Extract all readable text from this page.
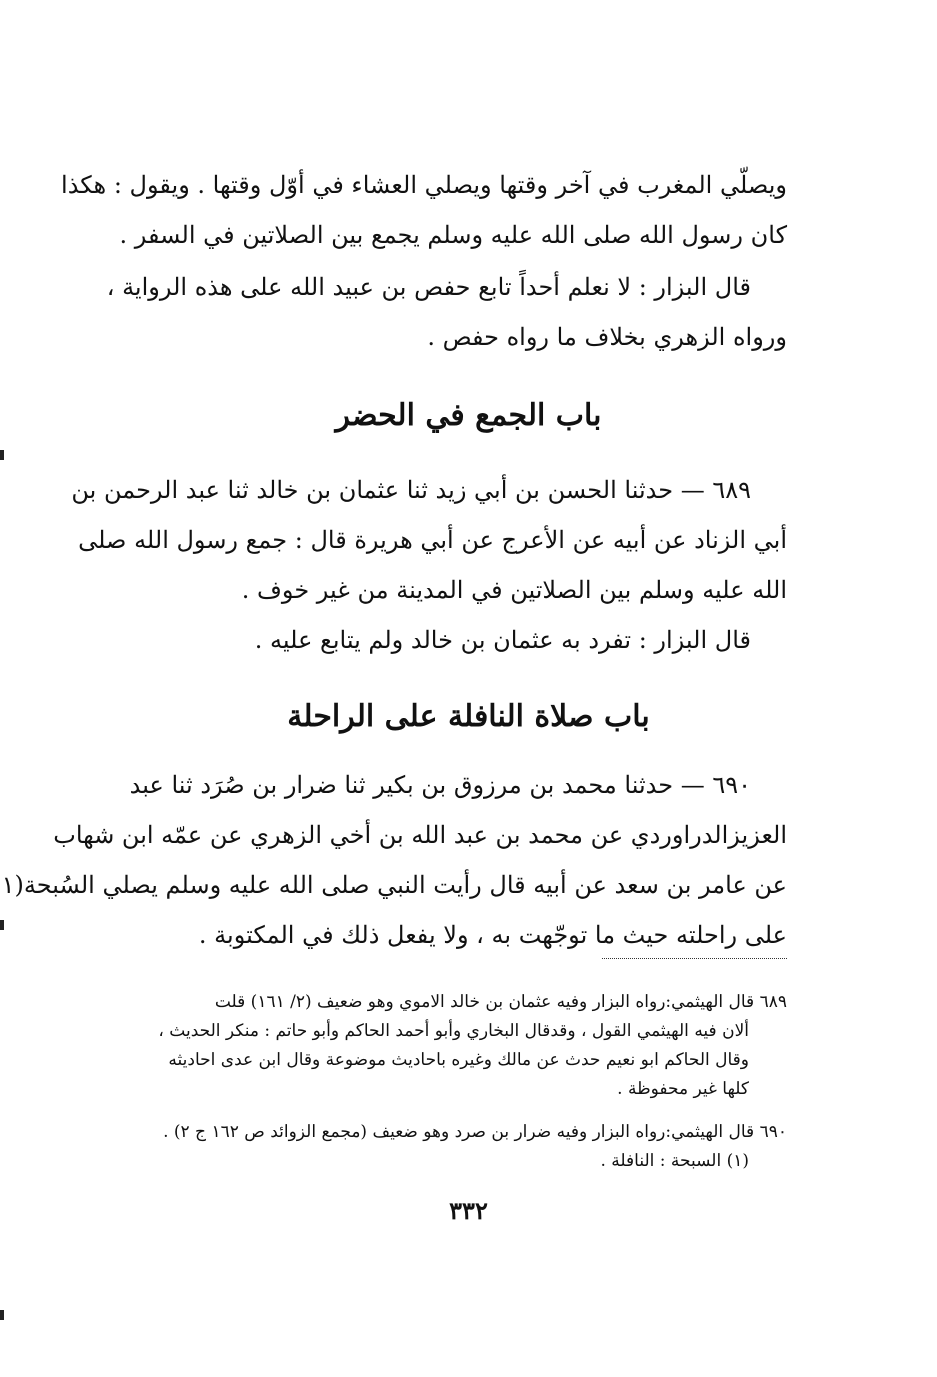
ويصلّي المغرب في آخر وقتها ويصلي العشاء في أوّل وقتها . ويقول : هكذا
كان رسول الله صلى الله عليه وسلم يجمع بين الصلاتين في السفر .
قال البزار : لا نعلم أحداً تابع حفص بن عبيد الله على هذه الرواية ،
ورواه الزهري بخلاف ما رواه حفص .
باب الجمع في الحضر
٦٨٩ — حدثنا الحسن بن أبي زيد ثنا عثمان بن خالد ثنا عبد الرحمن بن
أبي الزناد عن أبيه عن الأعرج عن أبي هريرة قال : جمع رسول الله صلى
الله عليه وسلم بين الصلاتين في المدينة من غير خوف .
قال البزار : تفرد به عثمان بن خالد ولم يتابع عليه .
باب صلاة النافلة على الراحلة
٦٩٠ — حدثنا محمد بن مرزوق بن بكير ثنا ضرار بن صُرَد ثنا عبد
العزيزالدراوردي عن محمد بن عبد الله بن أخي الزهري عن عمّه ابن شهاب
عن عامر بن سعد عن أبيه قال رأيت النبي صلى الله عليه وسلم يصلي السُبحة(١
على راحلته حيث ما توجّهت به ، ولا يفعل ذلك في المكتوبة .
٦٨٩ قال الهيثمي:رواه البزار وفيه عثمان بن خالد الاموي وهو ضعيف (٢/ ١٦١) قلت
ألان فيه الهيثمي القول ، وقدقال البخاري وأبو أحمد الحاكم وأبو حاتم : منكر الحديث ،
وقال الحاكم ابو نعيم حدث عن مالك وغيره باحاديث موضوعة وقال ابن عدى احاديثه
كلها غير محفوظة .
٦٩٠ قال الهيثمي:رواه البزار وفيه ضرار بن صرد وهو ضعيف (مجمع الزوائد ص ١٦٢ ج ٢) .
(١) السبحة : النافلة .
٣٣٢
